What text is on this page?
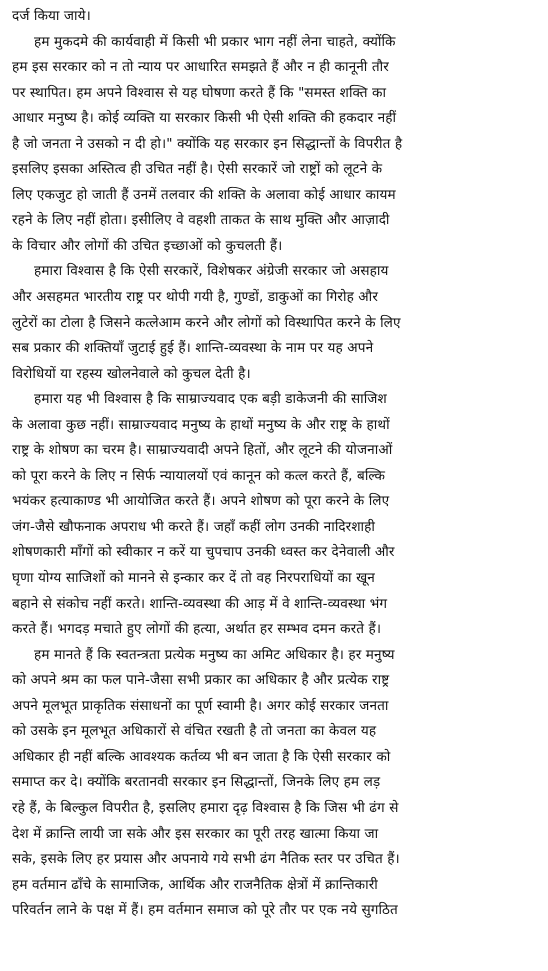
दर्ज किया जाये।
हम मुकदमे की कार्यवाही में किसी भी प्रकार भाग नहीं लेना चाहते, क्योंकि
हम इस सरकार को न तो न्याय पर आधारित समझते हैं और न ही कानूनी तौर
पर स्थापित। हम अपने विश्वास से यह घोषणा करते हैं कि "समस्त शक्ति का
आधार मनुष्य है। कोई व्यक्ति या सरकार किसी भी ऐसी शक्ति की हकदार नहीं
है जो जनता ने उसको न दी हो।" क्योंकि यह सरकार इन सिद्धान्तों के विपरीत है
इसलिए इसका अस्तित्व ही उचित नहीं है। ऐसी सरकारें जो राष्ट्रों को लूटने के
लिए एकजुट हो जाती हैं उनमें तलवार की शक्ति के अलावा कोई आधार कायम
रहने के लिए नहीं होता। इसीलिए वे वहशी ताकत के साथ मुक्ति और आज़ादी
के विचार और लोगों की उचित इच्छाओं को कुचलती हैं।
हमारा विश्वास है कि ऐसी सरकारें, विशेषकर अंग्रेजी सरकार जो असहाय
और असहमत भारतीय राष्ट्र पर थोपी गयी है, गुण्डों, डाकुओं का गिरोह और
लुटेरों का टोला है जिसने कत्लेआम करने और लोगों को विस्थापित करने के लिए
सब प्रकार की शक्तियाँ जुटाई हुई हैं। शान्ति-व्यवस्था के नाम पर यह अपने
विरोधियों या रहस्य खोलनेवाले को कुचल देती है।
हमारा यह भी विश्वास है कि साम्राज्यवाद एक बड़ी डाकेजनी की साजिश
के अलावा कुछ नहीं। साम्राज्यवाद मनुष्य के हाथों मनुष्य के और राष्ट्र के हाथों
राष्ट्र के शोषण का चरम है। साम्राज्यवादी अपने हितों, और लूटने की योजनाओं
को पूरा करने के लिए न सिर्फ न्यायालयों एवं कानून को कत्ल करते हैं, बल्कि
भयंकर हत्याकाण्ड भी आयोजित करते हैं। अपने शोषण को पूरा करने के लिए
जंग-जैसे खौफनाक अपराध भी करते हैं। जहाँ कहीं लोग उनकी नादिरशाही
शोषणकारी माँगों को स्वीकार न करें या चुपचाप उनकी ध्वस्त कर देनेवाली और
घृणा योग्य साजिशों को मानने से इन्कार कर दें तो वह निरपराधियों का खून
बहाने से संकोच नहीं करते। शान्ति-व्यवस्था की आड़ में वे शान्ति-व्यवस्था भंग
करते हैं। भगदड़ मचाते हुए लोगों की हत्या, अर्थात हर सम्भव दमन करते हैं।
हम मानते हैं कि स्वतन्त्रता प्रत्येक मनुष्य का अमिट अधिकार है। हर मनुष्य
को अपने श्रम का फल पाने-जैसा सभी प्रकार का अधिकार है और प्रत्येक राष्ट्र
अपने मूलभूत प्राकृतिक संसाधनों का पूर्ण स्वामी है। अगर कोई सरकार जनता
को उसके इन मूलभूत अधिकारों से वंचित रखती है तो जनता का केवल यह
अधिकार ही नहीं बल्कि आवश्यक कर्तव्य भी बन जाता है कि ऐसी सरकार को
समाप्त कर दे। क्योंकि बरतानवी सरकार इन सिद्धान्तों, जिनके लिए हम लड़
रहे हैं, के बिल्कुल विपरीत है, इसलिए हमारा दृढ़ विश्वास है कि जिस भी ढंग से
देश में क्रान्ति लायी जा सके और इस सरकार का पूरी तरह खात्मा किया जा
सके, इसके लिए हर प्रयास और अपनाये गये सभी ढंग नैतिक स्तर पर उचित हैं।
हम वर्तमान ढाँचे के सामाजिक, आर्थिक और राजनैतिक क्षेत्रों में क्रान्तिकारी
परिवर्तन लाने के पक्ष में हैं। हम वर्तमान समाज को पूरे तौर पर एक नये सुगठित
